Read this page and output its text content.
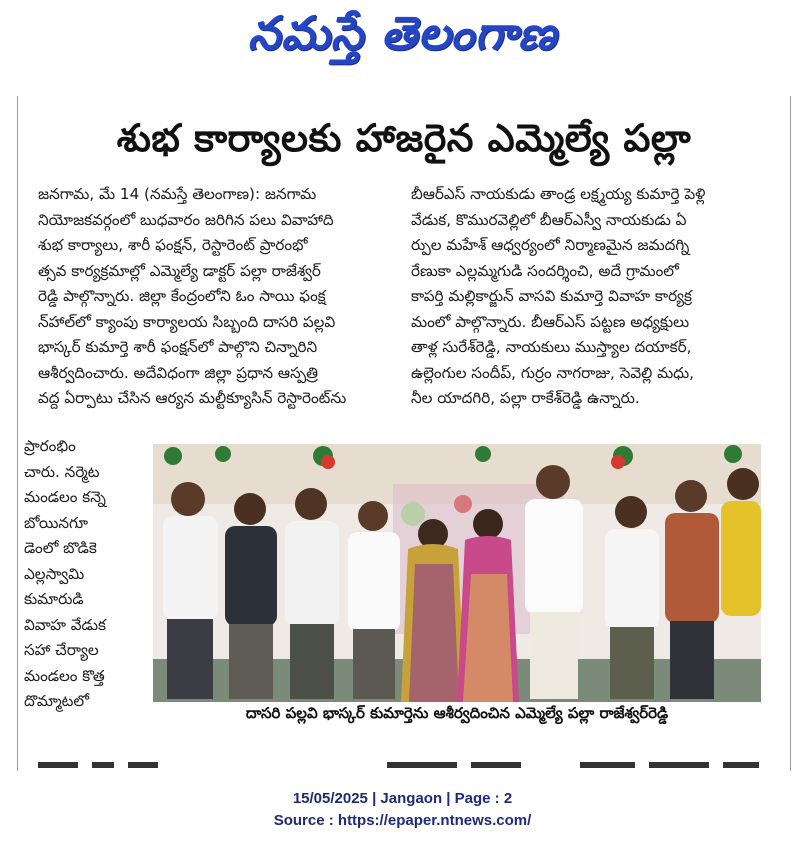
నమస్తే తెలంగాణ
శుభ కార్యాలకు హాజరైన ఎమ్మెల్యే పల్లా
జనగామ, మే 14 (నమస్తే తెలంగాణ): జనగామ
నియోజకవర్గంలో బుధవారం జరిగిన పలు వివాహాది
శుభ కార్యాలు, శారీ ఫంక్షన్, రెస్టారెంట్ ప్రారంభో
త్సవ కార్యక్రమాల్లో ఎమ్మెల్యే డాక్టర్ పల్లా రాజేశ్వర్
రెడ్డి పాల్గొన్నారు. జిల్లా కేంద్రంలోని ఓం సాయి ఫంక్ష
న్‌హాల్‌లో క్యాంపు కార్యాలయ సిబ్బంది దాసరి పల్లవి
భాస్కర్ కుమార్తె శారీ ఫంక్షన్‌లో పాల్గొని చిన్నారిని
ఆశీర్వదించారు. అదేవిధంగా జిల్లా ప్రధాన ఆస్పత్రి
వద్ద ఏర్పాటు చేసిన ఆర్యన మల్టీక్యూసిన్ రెస్టారెంట్‌ను
బీఆర్‌ఎస్ నాయకుడు తాండ్ర లక్ష్మయ్య కుమార్తె పెళ్లి
వేడుక, కొమురవెల్లిలో బీఆర్‌ఎస్వీ నాయకుడు ఏ
ర్పుల మహేశ్ ఆధ్వర్యంలో నిర్మాణమైన జమదగ్ని
రేణుకా ఎల్లమ్మగుడి సందర్శించి, అదే గ్రామంలో
కాపర్తి మల్లికార్జున్ వాసవి కుమార్తె వివాహ కార్యక్ర
మంలో పాల్గొన్నారు. బీఆర్‌ఎస్ పట్టణ అధ్యక్షులు
తాళ్ల సురేశ్‌రెడ్డి, నాయకులు ముస్త్యాల దయాకర్,
ఉల్లెంగుల సందీప్, గుర్రం నాగరాజు, సెవెల్లి మధు,
నీల యాదగిరి, పల్లా రాకేశ్‌రెడ్డి ఉన్నారు.
ప్రారంభిం
చారు. నర్మెట
మండలం కన్నె
బోయినగూ
డెంలో బొడికె
ఎల్లస్వామి
కుమారుడి
వివాహ వేడుక
సహా చేర్యాల
మండలం కొత్త
దొమ్మాటలో
దాసరి పల్లవి భాస్కర్ కుమార్తెను ఆశీర్వదించిన ఎమ్మెల్యే పల్లా రాజేశ్వర్‌రెడ్డి

15/05/2025 | Jangaon | Page : 2
Source : https://epaper.ntnews.com/
